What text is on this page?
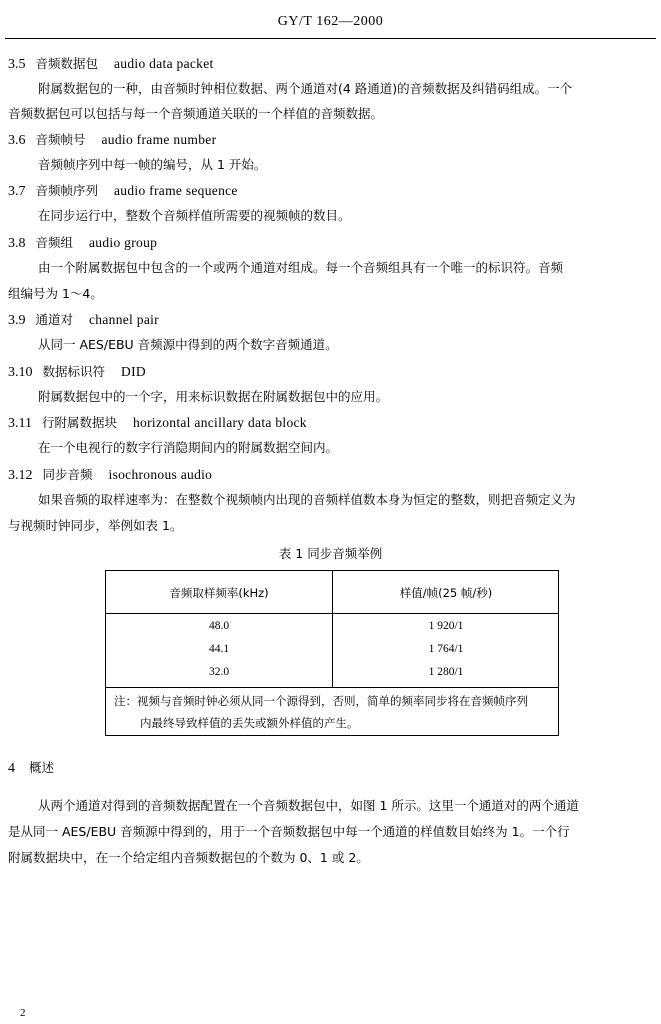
GY/T 162—2000
3.5 音频数据包 audio data packet
附属数据包的一种，由音频时钟相位数据、两个通道对(4 路通道)的音频数据及纠错码组成。一个
音频数据包可以包括与每一个音频通道关联的一个样值的音频数据。
3.6 音频帧号 audio frame number
音频帧序列中每一帧的编号，从 1 开始。
3.7 音频帧序列 audio frame sequence
在同步运行中，整数个音频样值所需要的视频帧的数目。
3.8 音频组 audio group
由一个附属数据包中包含的一个或两个通道对组成。每一个音频组具有一个唯一的标识符。音频
组编号为 1～4。
3.9 通道对 channel pair
从同一 AES/EBU 音频源中得到的两个数字音频通道。
3.10 数据标识符 DID
附属数据包中的一个字，用来标识数据在附属数据包中的应用。
3.11 行附属数据块 horizontal ancillary data block
在一个电视行的数字行消隐期间内的附属数据空间内。
3.12 同步音频 isochronous audio
如果音频的取样速率为：在整数个视频帧内出现的音频样值数本身为恒定的整数，则把音频定义为
与视频时钟同步，举例如表 1。
表 1 同步音频举例
音频取样频率(kHz)	样值/帧(25 帧/秒)
48.0	1 920/1
44.1	1 764/1
32.0	1 280/1
注：视频与音频时钟必须从同一个源得到，否则，简单的频率同步将在音频帧序列
内最终导致样值的丢失或额外样值的产生。
4 概述
从两个通道对得到的音频数据配置在一个音频数据包中，如图 1 所示。这里一个通道对的两个通道
是从同一 AES/EBU 音频源中得到的，用于一个音频数据包中每一个通道的样值数目始终为 1。一个行
附属数据块中，在一个给定组内音频数据包的个数为 0、1 或 2。
2
